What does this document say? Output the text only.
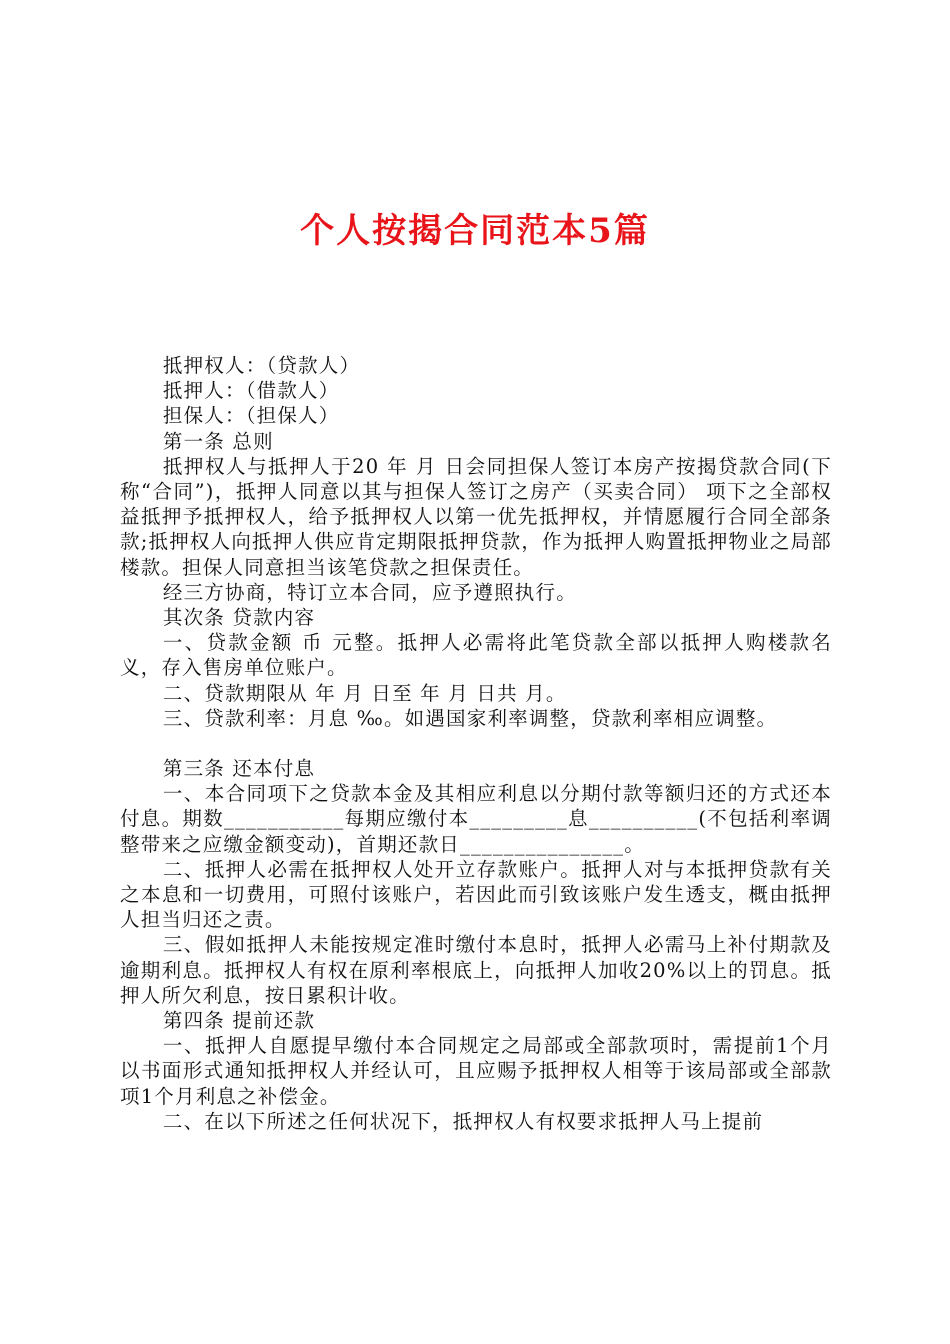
个人按揭合同范本5篇

抵押权人：（贷款人）

抵押人：（借款人）

担保人：（担保人）

第一条 总则

抵押权人与抵押人于20 年 月 日会同担保人签订本房产按揭贷款合同(下称“合同”)，抵押人同意以其与担保人签订之房产（买卖合同） 项下之全部权益抵押予抵押权人，给予抵押权人以第一优先抵押权，并情愿履行合同全部条款;抵押权人向抵押人供应肯定期限抵押贷款，作为抵押人购置抵押物业之局部楼款。担保人同意担当该笔贷款之担保责任。

经三方协商，特订立本合同，应予遵照执行。

其次条 贷款内容

一、贷款金额 币 元整。抵押人必需将此笔贷款全部以抵押人购楼款名义，存入售房单位账户。

二、贷款期限从 年 月 日至 年 月 日共 月。

三、贷款利率：月息 ‰。如遇国家利率调整，贷款利率相应调整。

第三条 还本付息

一、本合同项下之贷款本金及其相应利息以分期付款等额归还的方式还本付息。期数___________每期应缴付本_________息__________(不包括利率调整带来之应缴金额变动)，首期还款日_______________。

二、抵押人必需在抵押权人处开立存款账户。抵押人对与本抵押贷款有关之本息和一切费用，可照付该账户，若因此而引致该账户发生透支，概由抵押人担当归还之责。

三、假如抵押人未能按规定准时缴付本息时，抵押人必需马上补付期款及逾期利息。抵押权人有权在原利率根底上，向抵押人加收20%以上的罚息。抵押人所欠利息，按日累积计收。

第四条 提前还款

一、抵押人自愿提早缴付本合同规定之局部或全部款项时，需提前1个月以书面形式通知抵押权人并经认可，且应赐予抵押权人相等于该局部或全部款项1个月利息之补偿金。

二、在以下所述之任何状况下，抵押权人有权要求抵押人马上提前
